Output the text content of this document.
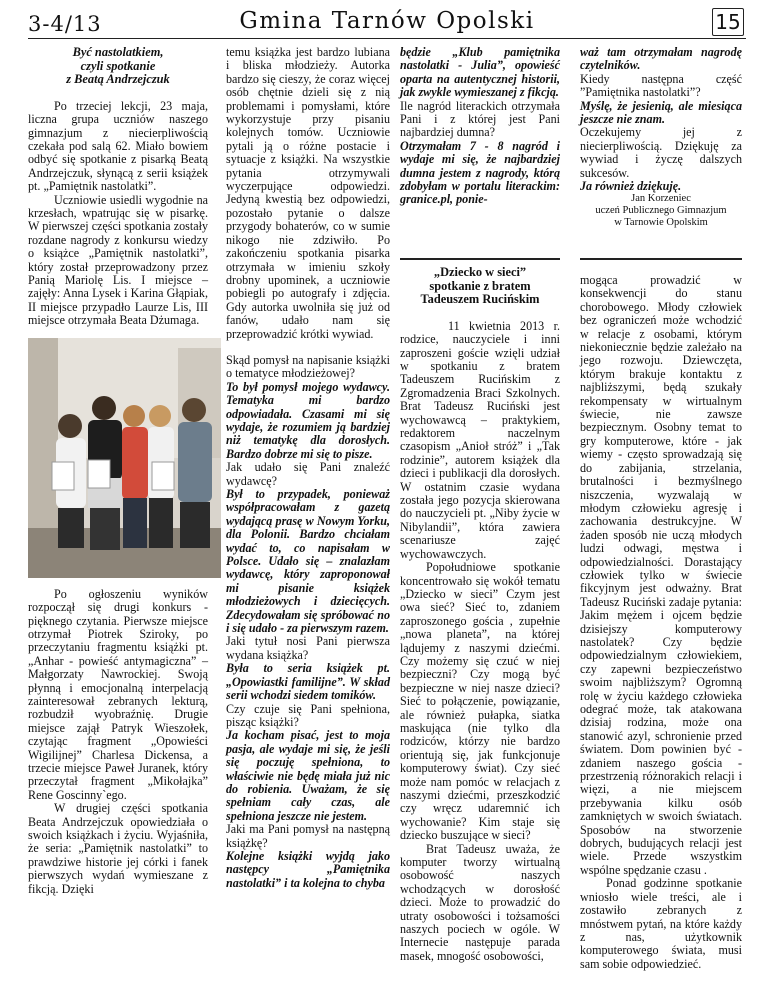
3-4/13	Gmina Tarnów Opolski	15

Być nastolatkiem,

czyli spotkanie

z Beatą Andrzejczuk

Po trzeciej lekcji, 23 maja, liczna grupa uczniów naszego gimnazjum z niecierpliwością czekała pod salą 62. Miało bowiem odbyć się spotkanie z pisarką Beatą Andrzejczuk, słynącą z serii książek pt. „Pamiętnik nastolatki”.

Uczniowie usiedli wygodnie na krzesłach, wpatrując się w pisarkę. W pierwszej części spotkania zostały rozdane nagrody z konkursu wiedzy o książce „Pamiętnik nastolatki”, który został przeprowadzony przez Panią Mariolę Lis. I miejsce – zajęły: Anna Lysek i Karina Głąpiak, II miejsce przypadło Laurze Lis, III miejsce otrzymała Beata Dżumaga.

Po ogłoszeniu wyników rozpoczął się drugi konkurs - pięknego czytania. Pierwsze miejsce otrzymał Piotrek Sziroky, po przeczytaniu fragmentu książki pt. „Anhar - powieść antymagiczna” – Małgorzaty Nawrockiej. Swoją płynną i emocjonalną interpelacją zainteresował zebranych lekturą, rozbudził wyobraźnię. Drugie miejsce zajął Patryk Wieszołek, czytając fragment „Opowieści Wigilijnej” Charlesa Dickensa, a trzecie miejsce Paweł Juranek, który przeczytał fragment „Mikołajka” Rene Goscinny`ego.

W drugiej części spotkania Beata Andrzejczuk opowiedziała o swoich książkach i życiu. Wyjaśniła, że seria: „Pamiętnik nastolatki” to prawdziwe historie jej córki i fanek pierwszych wydań wymieszane z fikcją. Dzięki

temu książka jest bardzo lubiana i bliska młodzieży. Autorka bardzo się cieszy, że coraz więcej osób chętnie dzieli się z nią problemami i pomysłami, które wykorzystuje przy pisaniu kolejnych tomów. Uczniowie pytali ją o różne postacie i sytuacje z książki. Na wszystkie pytania otrzymywali wyczerpujące odpowiedzi. Jedyną kwestią bez odpowiedzi, pozostało pytanie o dalsze przygody bohaterów, co w sumie nikogo nie zdziwiło. Po zakończeniu spotkania pisarka otrzymała w imieniu szkoły drobny upominek, a uczniowie pobiegli po autografy i zdjęcia. Gdy autorka uwolniła się już od fanów, udało nam się przeprowadzić krótki wywiad.

Skąd pomysł na napisanie książki o tematyce młodzieżowej?

To był pomysł mojego wydawcy. Tematyka mi bardzo odpowiadała. Czasami mi się wydaje, że rozumiem ją bardziej niż tematykę dla dorosłych. Bardzo dobrze mi się to pisze.

Jak udało się Pani znaleźć wydawcę?

Był to przypadek, ponieważ współpracowałam z gazetą wydającą prasę w Nowym Yorku, dla Polonii. Bardzo chciałam wydać to, co napisałam w Polsce. Udało się – znalazłam wydawcę, który zaproponował mi pisanie książek młodzieżowych i dziecięcych. Zdecydowałam się spróbować no i się udało - za pierwszym razem.

Jaki tytuł nosi Pani pierwsza wydana książka?

Była to seria książek pt. „Opowiastki familijne”. W skład serii wchodzi siedem tomików.

Czy czuje się Pani spełniona, pisząc książki?

Ja kocham pisać, jest to moja pasja, ale wydaje mi się, że jeśli się poczuję spełniona, to właściwie nie będę miała już nic do robienia. Uważam, że się spełniam cały czas, ale spełniona jeszcze nie jestem.

Jaki ma Pani pomysł na następną książkę?

Kolejne książki wyjdą jako następcy „Pamiętnika nastolatki” i ta kolejna to chyba

będzie „Klub pamiętnika nastolatki - Julia”, opowieść oparta na autentycznej historii, jak zwykle wymieszanej z fikcją.

Ile nagród literackich otrzymała Pani i z której jest Pani najbardziej dumna?

Otrzymałam 7 - 8 nagród i wydaje mi się, że najbardziej dumna jestem z nagrody, którą zdobyłam w portalu literackim: granice.pl, ponie-

waż tam otrzymałam nagrodę czytelników.

Kiedy następna część ”Pamiętnika nastolatki”?

Myślę, że jesienią, ale miesiąca jeszcze nie znam.

Oczekujemy jej z niecierpliwością. Dziękuję za wywiad i życzę dalszych sukcesów.

Ja również dziękuję.

Jan Korzeniec

uczeń Publicznego Gimnazjum

w Tarnowie Opolskim

„Dziecko w sieci”

spotkanie z bratem

Tadeuszem Rucińskim

11 kwietnia 2013 r. rodzice, nauczyciele i inni zaproszeni goście wzięli udział w spotkaniu z bratem Tadeuszem Rucińskim z Zgromadzenia Braci Szkolnych. Brat Tadeusz Ruciński jest wychowawcą – praktykiem, redaktorem naczelnym czasopism „Anioł stróż” i „Tak rodzinie”, autorem książek dla dzieci i publikacji dla dorosłych. W ostatnim czasie wydana została jego pozycja skierowana do nauczycieli pt. „Niby życie w Nibylandii”, która zawiera scenariusze zajęć wychowawczych.

Popołudniowe spotkanie koncentrowało się wokół tematu „Dziecko w sieci” Czym jest owa sieć? Sieć to, zdaniem zaproszonego gościa , zupełnie „nowa planeta”, na której lądujemy z naszymi dziećmi. Czy możemy się czuć w niej bezpieczni? Czy mogą być bezpieczne w niej nasze dzieci? Sieć to połączenie, powiązanie, ale również pułapka, siatka maskująca (nie tylko dla rodziców, którzy nie bardzo orientują się, jak funkcjonuje komputerowy świat). Czy sieć może nam pomóc w relacjach z naszymi dziećmi, przeszkodzić czy wręcz udaremnić ich wychowanie? Kim staje się dziecko buszujące w sieci?

Brat Tadeusz uważa, że komputer tworzy wirtualną osobowość naszych wchodzących w dorosłość dzieci. Może to prowadzić do utraty osobowości i tożsamości naszych pociech w ogóle. W Internecie następuje parada masek, mnogość osobowości,

mogąca prowadzić w konsekwencji do stanu chorobowego. Młody człowiek bez ograniczeń może wchodzić w relacje z osobami, którym niekoniecznie będzie zależało na jego rozwoju. Dziewczęta, którym brakuje kontaktu z najbliższymi, będą szukały rekompensaty w wirtualnym świecie, nie zawsze bezpiecznym. Osobny temat to gry komputerowe, które - jak wiemy - często sprowadzają się do zabijania, strzelania, brutalności i bezmyślnego niszczenia, wyzwalają w młodym człowieku agresję i zachowania destrukcyjne. W żaden sposób nie uczą młodych ludzi odwagi, męstwa i odpowiedzialności. Dorastający człowiek tylko w świecie fikcyjnym jest odważny. Brat Tadeusz Ruciński zadaje pytania: Jakim mężem i ojcem będzie dzisiejszy komputerowy nastolatek? Czy będzie odpowiedzialnym człowiekiem, czy zapewni bezpieczeństwo swoim najbliższym? Ogromną rolę w życiu każdego człowieka odegrać może, tak atakowana dzisiaj rodzina, może ona stanowić azyl, schronienie przed światem. Dom powinien być - zdaniem naszego gościa - przestrzenią różnorakich relacji i więzi, a nie miejscem przebywania kilku osób zamkniętych w swoich światach. Sposobów na stworzenie dobrych, budujących relacji jest wiele. Przede wszystkim wspólne spędzanie czasu .

Ponad godzinne spotkanie wniosło wiele treści, ale i zostawiło zebranych z mnóstwem pytań, na które każdy z nas, użytkownik komputerowego świata, musi sam sobie odpowiedzieć.
